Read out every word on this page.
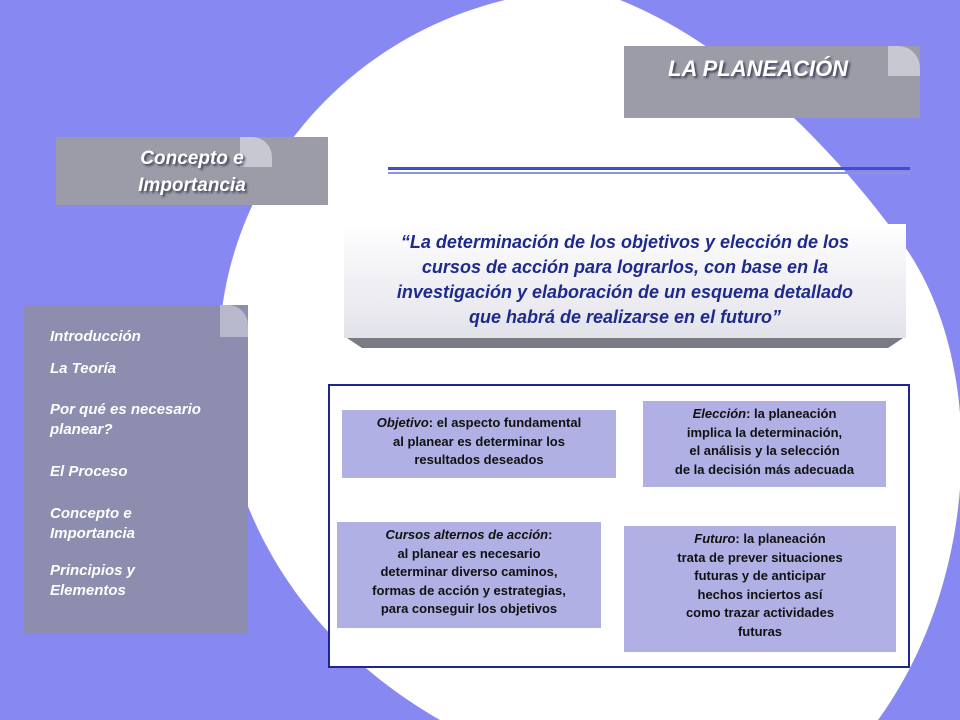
LA PLANEACIÓN
Concepto e
Importancia
Introducción
La Teoría
Por qué es necesario
planear?
El Proceso
Concepto e
Importancia
Principios y
Elementos
“La determinación de los objetivos y elección de los
cursos de acción para lograrlos, con base en la
investigación y elaboración de un esquema detallado
que habrá de realizarse en el futuro”
Objetivo: el aspecto fundamental
al planear es determinar los
resultados deseados
Elección: la planeación
implica la determinación,
el análisis y la selección
de la decisión más adecuada
Cursos alternos de acción:
al planear es necesario
determinar diverso caminos,
formas de acción y estrategias,
para conseguir los objetivos
Futuro: la planeación
trata de prever situaciones
futuras y de anticipar
hechos inciertos así
como trazar actividades
futuras
